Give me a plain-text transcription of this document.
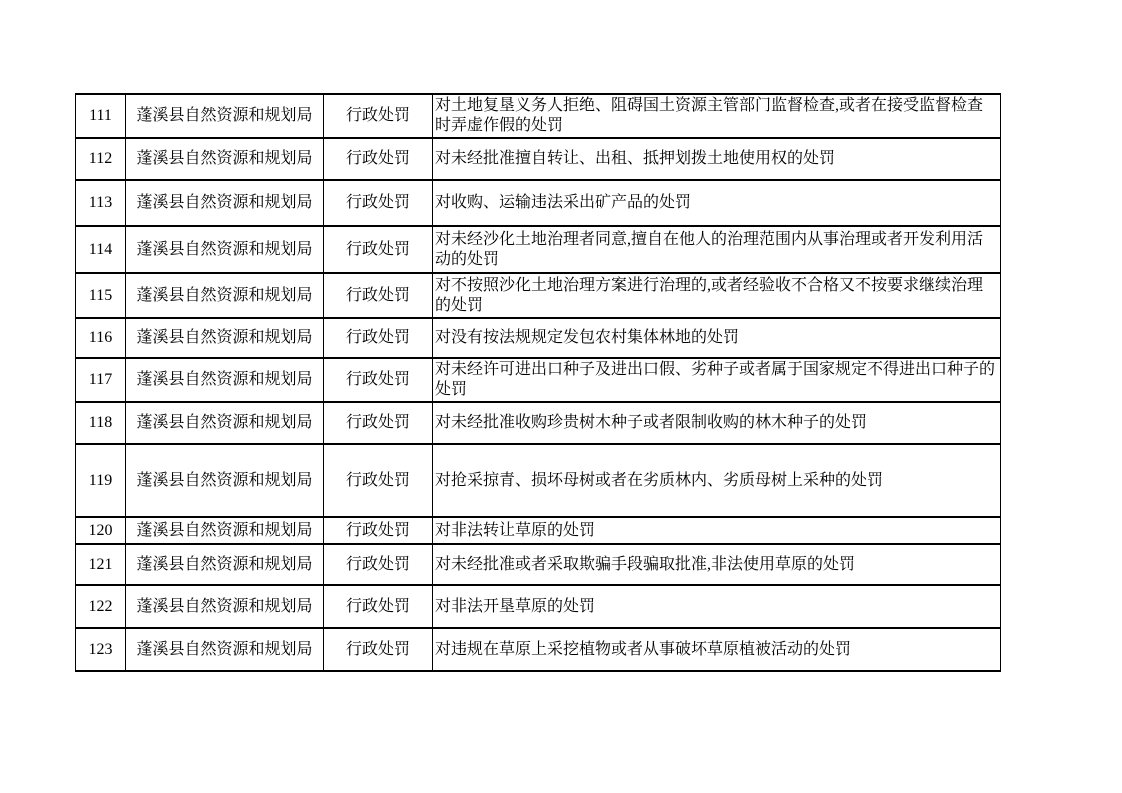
111	蓬溪县自然资源和规划局	行政处罚	对土地复垦义务人拒绝、阻碍国土资源主管部门监督检查,或者在接受监督检查时弄虚作假的处罚
112	蓬溪县自然资源和规划局	行政处罚	对未经批准擅自转让、出租、抵押划拨土地使用权的处罚
113	蓬溪县自然资源和规划局	行政处罚	对收购、运输违法采出矿产品的处罚
114	蓬溪县自然资源和规划局	行政处罚	对未经沙化土地治理者同意,擅自在他人的治理范围内从事治理或者开发利用活动的处罚
115	蓬溪县自然资源和规划局	行政处罚	对不按照沙化土地治理方案进行治理的,或者经验收不合格又不按要求继续治理的处罚
116	蓬溪县自然资源和规划局	行政处罚	对没有按法规规定发包农村集体林地的处罚
117	蓬溪县自然资源和规划局	行政处罚	对未经许可进出口种子及进出口假、劣种子或者属于国家规定不得进出口种子的处罚
118	蓬溪县自然资源和规划局	行政处罚	对未经批准收购珍贵树木种子或者限制收购的林木种子的处罚
119	蓬溪县自然资源和规划局	行政处罚	对抢采掠青、损坏母树或者在劣质林内、劣质母树上采种的处罚
120	蓬溪县自然资源和规划局	行政处罚	对非法转让草原的处罚
121	蓬溪县自然资源和规划局	行政处罚	对未经批准或者采取欺骗手段骗取批准,非法使用草原的处罚
122	蓬溪县自然资源和规划局	行政处罚	对非法开垦草原的处罚
123	蓬溪县自然资源和规划局	行政处罚	对违规在草原上采挖植物或者从事破坏草原植被活动的处罚
